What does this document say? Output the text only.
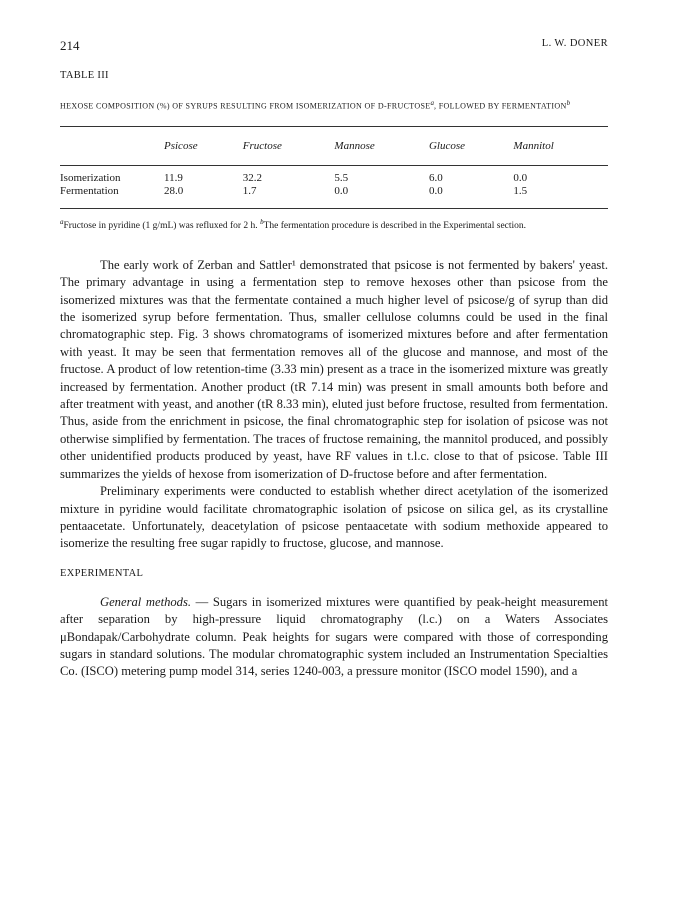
214	L. W. DONER
TABLE III
HEXOSE COMPOSITION (%) OF SYRUPS RESULTING FROM ISOMERIZATION OF D-FRUCTOSE$^a$, FOLLOWED BY FERMENTATION$^b$
	Psicose	Fructose	Mannose	Glucose	Mannitol
Isomerization	11.9	32.2	5.5	6.0	0.0
Fermentation	28.0	1.7	0.0	0.0	1.5
$^a$Fructose in pyridine (1 g/mL) was refluxed for 2 h. $^b$The fermentation procedure is described in the Experimental section.

The early work of Zerban and Sattler¹ demonstrated that psicose is not fermented by bakers' yeast. The primary advantage in using a fermentation step to remove hexoses other than psicose from the isomerized mixtures was that the fermentate contained a much higher level of psicose/g of syrup than did the isomerized syrup before fermentation. Thus, smaller cellulose columns could be used in the final chromatographic step. Fig. 3 shows chromatograms of isomerized mixtures before and after fermentation with yeast. It may be seen that fermentation removes all of the glucose and mannose, and most of the fructose. A product of low retention-time (3.33 min) present as a trace in the isomerized mixture was greatly increased by fermentation. Another product (tR 7.14 min) was present in small amounts both before and after treatment with yeast, and another (tR 8.33 min), eluted just before fructose, resulted from fermentation. Thus, aside from the enrichment in psicose, the final chromatographic step for isolation of psicose was not otherwise simplified by fermentation. The traces of fructose remaining, the mannitol produced, and possibly other unidentified products produced by yeast, have RF values in t.l.c. close to that of psicose. Table III summarizes the yields of hexose from isomerization of D-fructose before and after fermentation.

Preliminary experiments were conducted to establish whether direct acetylation of the isomerized mixture in pyridine would facilitate chromatographic isolation of psicose on silica gel, as its crystalline pentaacetate. Unfortunately, deacetylation of psicose pentaacetate with sodium methoxide appeared to isomerize the resulting free sugar rapidly to fructose, glucose, and mannose.

EXPERIMENTAL

General methods. — Sugars in isomerized mixtures were quantified by peak-height measurement after separation by high-pressure liquid chromatography (l.c.) on a Waters Associates μBondapak/Carbohydrate column. Peak heights for sugars were compared with those of corresponding sugars in standard solutions. The modular chromatographic system included an Instrumentation Specialties Co. (ISCO) metering pump model 314, series 1240-003, a pressure monitor (ISCO model 1590), and a
